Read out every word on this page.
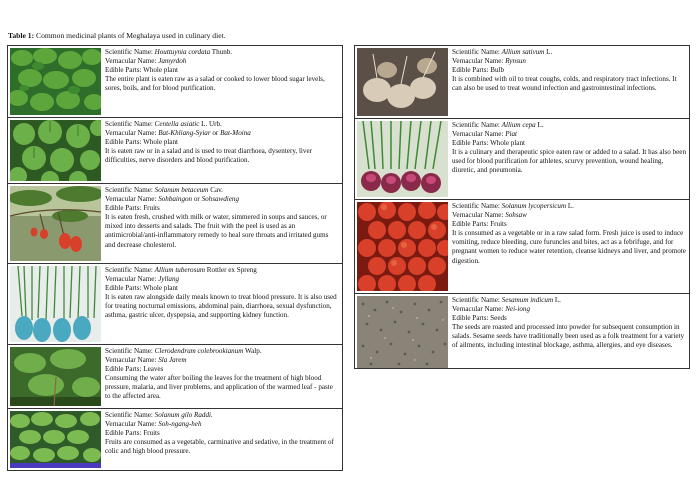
Table 1: Common medicinal plants of Meghalaya used in culinary diet.
Scientific Name: Houttuynia cordata Thunb.
Vernacular Name: Jamyrdoh
Edible Parts: Whole plant
The entire plant is eaten raw as a salad or cooked to lower blood sugar levels, sores, boils, and for blood purification.
Scientific Name: Centella asiatic L. Urb.
Vernacular Name: Bat-Khliang-Syiar or Bat-Moina
Edible Parts: Whole plant
It is eaten raw or in a salad and is used to treat diarrhoea, dysentery, liver difficulties, nerve disorders and blood purification.
Scientific Name: Solanum betaceum Cav.
Vernacular Name: Sohbaingon or Sohsawdieng
Edible Parts: Fruits
It is eaten fresh, crushed with milk or water, simmered in soups and sauces, or mixed into desserts and salads. The fruit with the peel is used as an antimicrobial/anti-inflammatory remedy to heal sore throats and irritated gums and decrease cholesterol.
Scientific Name: Allium tuberosum Rottler ex Spreng
Vernacular Name: Jyllang
Edible Parts: Whole plant
It is eaten raw alongside daily meals known to treat blood pressure. It is also used for treating nocturnal emissions, abdominal pain, diarrhoea, sexual dysfunction, asthma, gastric ulcer, dyspepsia, and supporting kidney function.
Scientific Name: Clerodendrum colebrookianum Walp.
Vernacular Name: Sla Jarem
Edible Parts: Leaves
Consuming the water after boiling the leaves for the treatment of high blood pressure, malaria, and liver problems, and application of the warmed leaf - paste to the affected area.
Scientific Name: Solanum gilo Raddi.
Vernacular Name: Soh-ngang-heh
Edible Parts: Fruits
Fruits are consumed as a vegetable, carminative and sedative, in the treatment of colic and high blood pressure.
Scientific Name: Allium sativum L.
Vernacular Name: Rynsun
Edible Parts: Bulb
It is combined with oil to treat coughs, colds, and respiratory tract infections. It can also be used to treat wound infection and gastrointestinal infections.
Scientific Name: Allium cepa L.
Vernacular Name: Piat
Edible Parts: Whole plant
It is a culinary and therapeutic spice eaten raw or added to a salad. It has also been used for blood purification for athletes, scurvy prevention, wound healing, diuretic, and pneumonia.
Scientific Name: Solanum lycopersicum L.
Vernacular Name: Sohsaw
Edible Parts: Fruits
It is consumed as a vegetable or in a raw salad form. Fresh juice is used to induce vomiting, reduce bleeding, cure furuncles and bites, act as a febrifuge, and for pregnant women to reduce water retention, cleanse kidneys and liver, and promote digestion.
Scientific Name: Sesamum indicum L.
Vernacular Name: Nei-iong
Edible Parts: Seeds
The seeds are roasted and processed into powder for subsequent consumption in salads. Sesame seeds have traditionally been used as a folk treatment for a variety of ailments, including intestinal blockage, asthma, allergies, and eye diseases.
